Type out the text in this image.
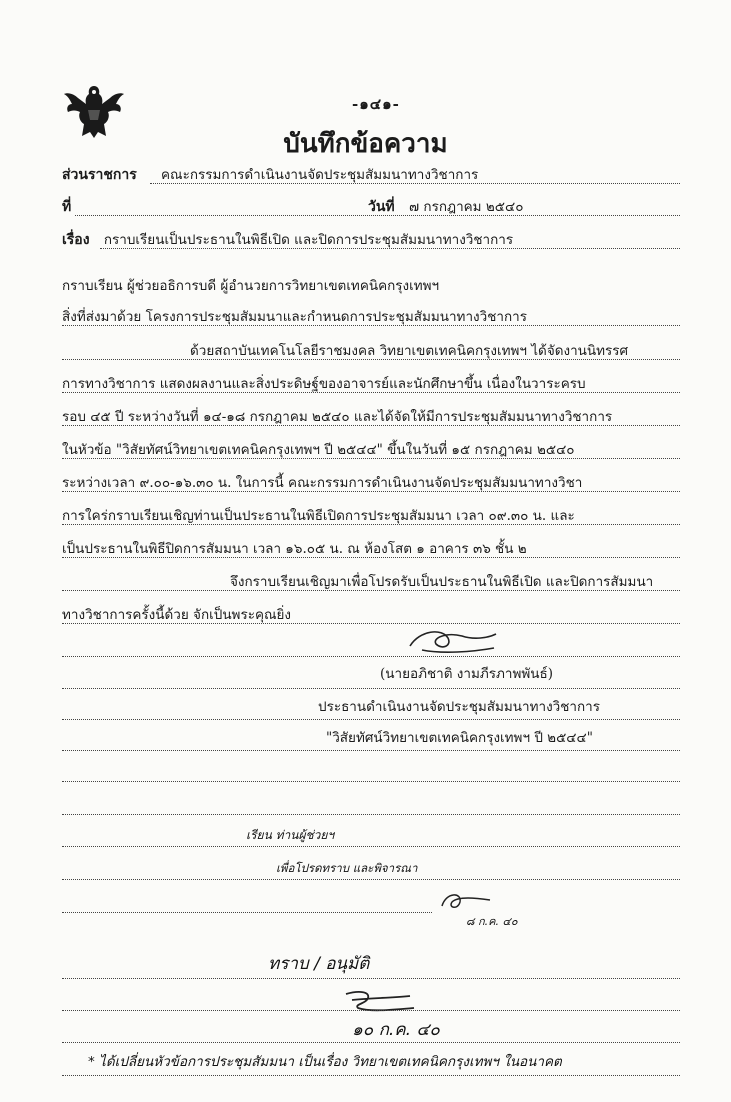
-๑๔๑-
บันทึกข้อความ
ส่วนราชการ คณะกรรมการดำเนินงานจัดประชุมสัมมนาทางวิชาการ
ที่	วันที่ ๗ กรกฎาคม ๒๕๔๐
เรื่อง กราบเรียนเป็นประธานในพิธีเปิด และปิดการประชุมสัมมนาทางวิชาการ
กราบเรียน ผู้ช่วยอธิการบดี ผู้อำนวยการวิทยาเขตเทคนิคกรุงเทพฯ
สิ่งที่ส่งมาด้วย โครงการประชุมสัมมนาและกำหนดการประชุมสัมมนาทางวิชาการ
ด้วยสถาบันเทคโนโลยีราชมงคล วิทยาเขตเทคนิคกรุงเทพฯ ได้จัดงานนิทรรศ
การทางวิชาการ แสดงผลงานและสิ่งประดิษฐ์ของอาจารย์และนักศึกษาขึ้น เนื่องในวาระครบ
รอบ ๔๕ ปี ระหว่างวันที่ ๑๔-๑๘ กรกฎาคม ๒๕๔๐ และได้จัดให้มีการประชุมสัมมนาทางวิชาการ
ในหัวข้อ "วิสัยทัศน์วิทยาเขตเทคนิคกรุงเทพฯ ปี ๒๕๔๔" ขึ้นในวันที่ ๑๕ กรกฎาคม ๒๕๔๐
ระหว่างเวลา ๙.๐๐-๑๖.๓๐ น. ในการนี้ คณะกรรมการดำเนินงานจัดประชุมสัมมนาทางวิชา
การใคร่กราบเรียนเชิญท่านเป็นประธานในพิธีเปิดการประชุมสัมมนา เวลา ๐๙.๓๐ น. และ
เป็นประธานในพิธีปิดการสัมมนา เวลา ๑๖.๐๕ น. ณ ห้องโสต ๑ อาคาร ๓๖ ชั้น ๒
จึงกราบเรียนเชิญมาเพื่อโปรดรับเป็นประธานในพิธีเปิด และปิดการสัมมนา
ทางวิชาการครั้งนี้ด้วย จักเป็นพระคุณยิ่ง
(นายอภิชาติ งามภีรภาพพันธ์)
ประธานดำเนินงานจัดประชุมสัมมนาทางวิชาการ
"วิสัยทัศน์วิทยาเขตเทคนิคกรุงเทพฯ ปี ๒๕๔๔"
เรียน ท่านผู้ช่วยฯ
เพื่อโปรดทราบ และพิจารณา
๘ ก.ค. ๔๐
ทราบ / อนุมัติ
๑๐ ก.ค. ๔๐
* ได้เปลี่ยนหัวข้อการประชุมสัมมนา เป็นเรื่อง วิทยาเขตเทคนิคกรุงเทพฯ ในอนาคต
